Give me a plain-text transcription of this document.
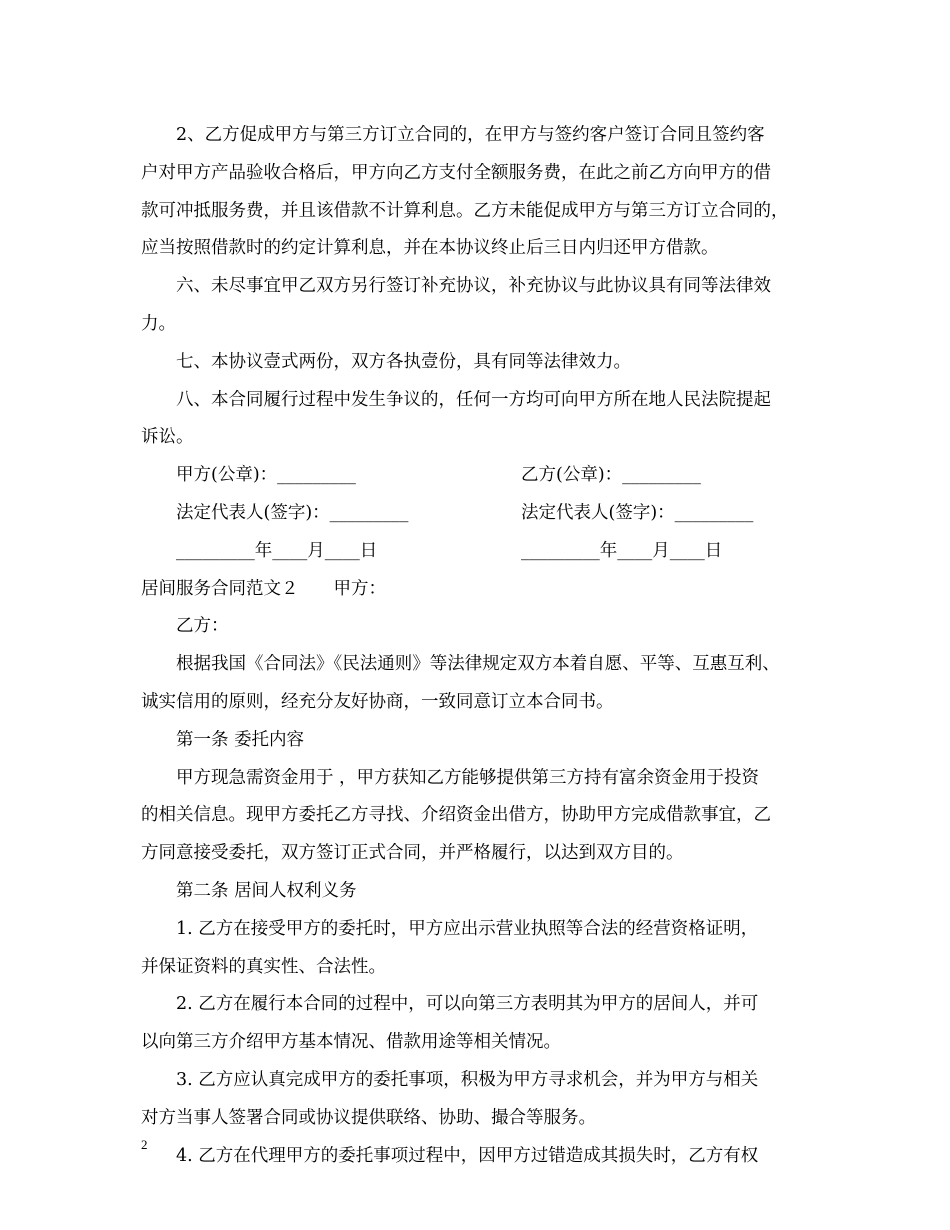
2、乙方促成甲方与第三方订立合同的，在甲方与签约客户签订合同且签约客
户对甲方产品验收合格后，甲方向乙方支付全额服务费，在此之前乙方向甲方的借
款可冲抵服务费，并且该借款不计算利息。乙方未能促成甲方与第三方订立合同的，
应当按照借款时的约定计算利息，并在本协议终止后三日内归还甲方借款。
六、未尽事宜甲乙双方另行签订补充协议，补充协议与此协议具有同等法律效
力。
七、本协议壹式两份，双方各执壹份，具有同等法律效力。
八、本合同履行过程中发生争议的，任何一方均可向甲方所在地人民法院提起
诉讼。
甲方(公章)：_________	乙方(公章)：_________
法定代表人(签字)：_________	法定代表人(签字)：_________
_________年____月____日	_________年____月____日
居间服务合同范文２　　甲方：
乙方：
根据我国《合同法》《民法通则》等法律规定双方本着自愿、平等、互惠互利、
诚实信用的原则，经充分友好协商，一致同意订立本合同书。
第一条 委托内容
甲方现急需资金用于 ，甲方获知乙方能够提供第三方持有富余资金用于投资
的相关信息。现甲方委托乙方寻找、介绍资金出借方，协助甲方完成借款事宜，乙
方同意接受委托，双方签订正式合同，并严格履行，以达到双方目的。
第二条 居间人权利义务
1. 乙方在接受甲方的委托时，甲方应出示营业执照等合法的经营资格证明，
并保证资料的真实性、合法性。
2. 乙方在履行本合同的过程中，可以向第三方表明其为甲方的居间人，并可
以向第三方介绍甲方基本情况、借款用途等相关情况。
3. 乙方应认真完成甲方的委托事项，积极为甲方寻求机会，并为甲方与相关
对方当事人签署合同或协议提供联络、协助、撮合等服务。
4. 乙方在代理甲方的委托事项过程中，因甲方过错造成其损失时，乙方有权
2
